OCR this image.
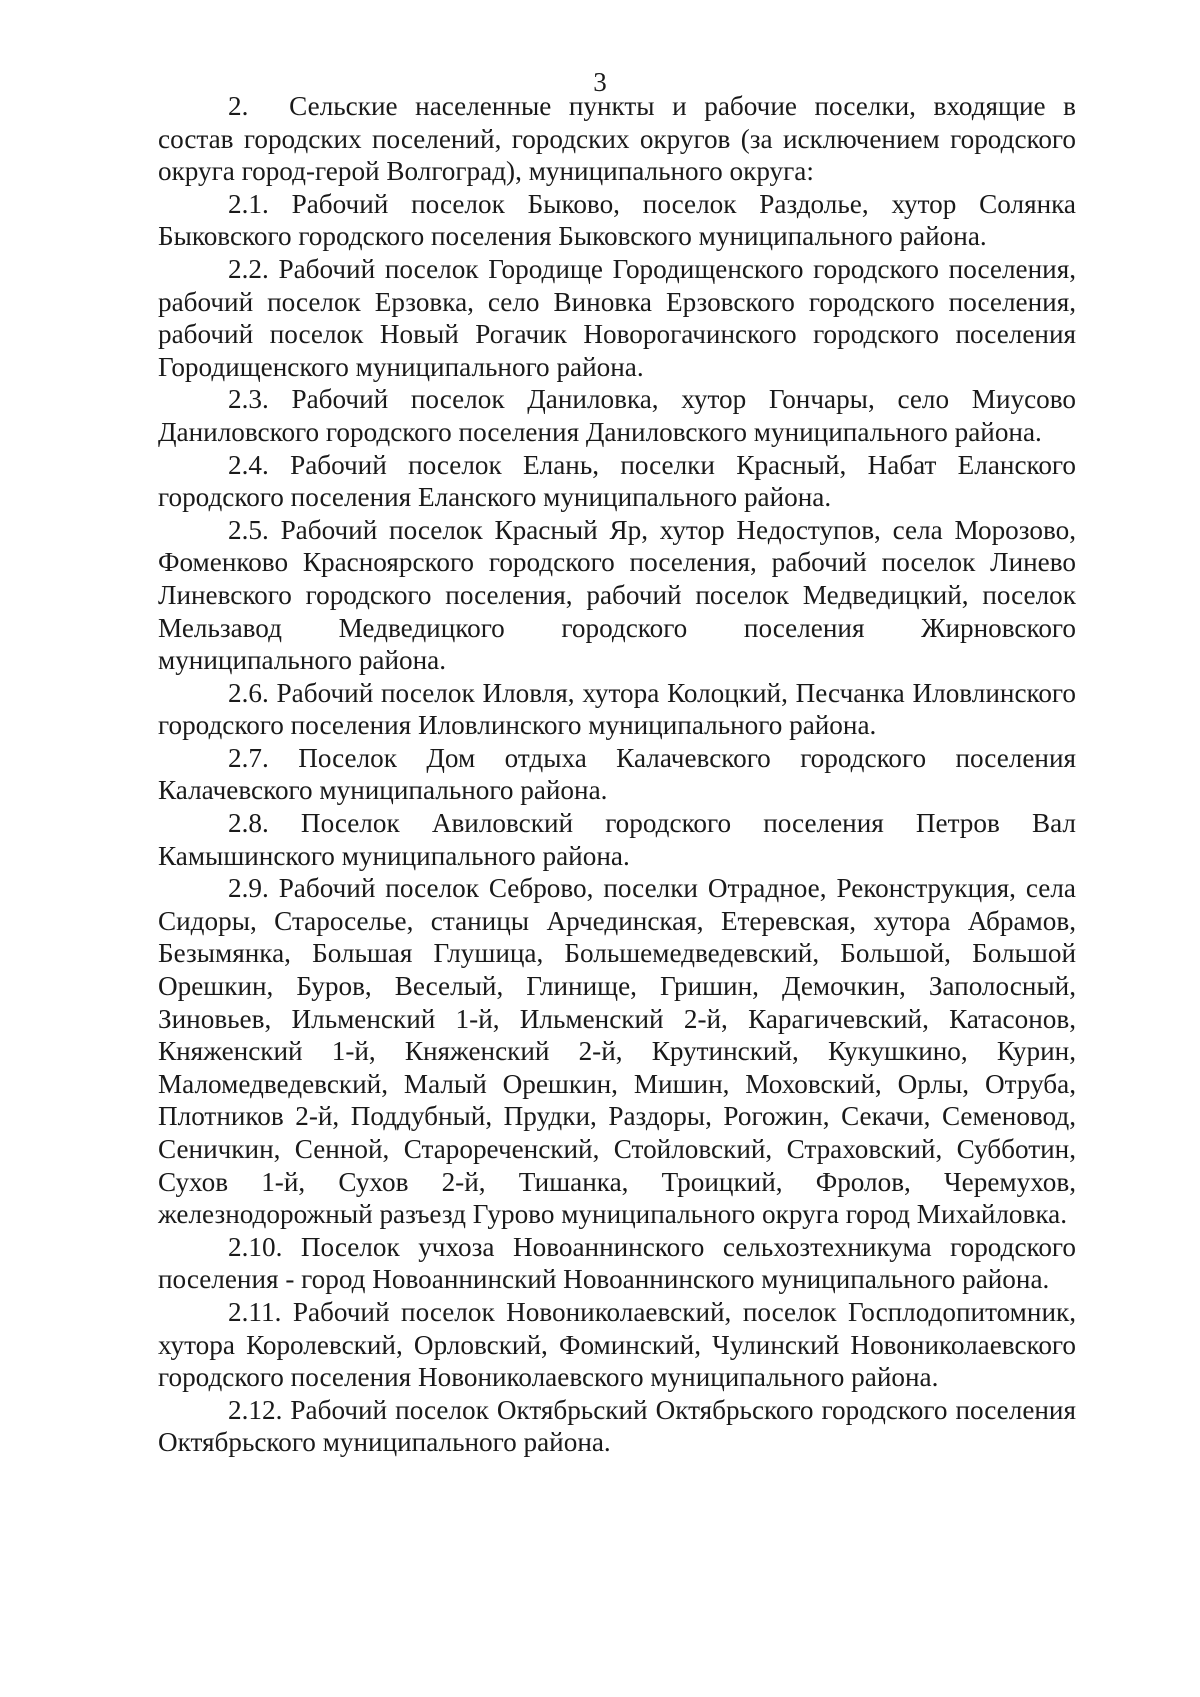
3

2.  Сельские населенные пункты и рабочие поселки, входящие в состав городских поселений, городских округов (за исключением городского округа город-герой Волгоград), муниципального округа:

2.1. Рабочий поселок Быково, поселок Раздолье, хутор Солянка Быковского городского поселения Быковского муниципального района.

2.2. Рабочий поселок Городище Городищенского городского поселения, рабочий поселок Ерзовка, село Виновка Ерзовского городского поселения, рабочий поселок Новый Рогачик Новорогачинского городского поселения Городищенского муниципального района.

2.3. Рабочий поселок Даниловка, хутор Гончары, село Миусово Даниловского городского поселения Даниловского муниципального района.

2.4. Рабочий поселок Елань, поселки Красный, Набат Еланского городского поселения Еланского муниципального района.

2.5. Рабочий поселок Красный Яр, хутор Недоступов, села Морозово, Фоменково Красноярского городского поселения, рабочий поселок Линево Линевского городского поселения, рабочий поселок Медведицкий, поселок Мельзавод Медведицкого городского поселения Жирновского муниципального района.

2.6. Рабочий поселок Иловля, хутора Колоцкий, Песчанка Иловлинского городского поселения Иловлинского муниципального района.

2.7. Поселок Дом отдыха Калачевского городского поселения Калачевского муниципального района.

2.8. Поселок Авиловский городского поселения Петров Вал Камышинского муниципального района.

2.9. Рабочий поселок Себрово, поселки Отрадное, Реконструкция, села Сидоры, Староселье, станицы Арчединская, Етеревская, хутора Абрамов, Безымянка, Большая Глушица, Большемедведевский, Большой, Большой Орешкин, Буров, Веселый, Глинище, Гришин, Демочкин, Заполосный, Зиновьев, Ильменский 1-й, Ильменский 2-й, Карагичевский, Катасонов, Княженский 1-й, Княженский 2-й, Крутинский, Кукушкино, Курин, Маломедведевский, Малый Орешкин, Мишин, Моховский, Орлы, Отруба, Плотников 2-й, Поддубный, Прудки, Раздоры, Рогожин, Секачи, Семеновод, Сеничкин, Сенной, Старореченский, Стойловский, Страховский, Субботин, Сухов 1-й, Сухов 2-й, Тишанка, Троицкий, Фролов, Черемухов, железнодорожный разъезд Гурово муниципального округа город Михайловка.

2.10. Поселок учхоза Новоаннинского сельхозтехникума городского поселения - город Новоаннинский Новоаннинского муниципального района.

2.11. Рабочий поселок Новониколаевский, поселок Госплодопитомник, хутора Королевский, Орловский, Фоминский, Чулинский Новониколаевского городского поселения Новониколаевского муниципального района.

2.12. Рабочий поселок Октябрьский Октябрьского городского поселения Октябрьского муниципального района.
